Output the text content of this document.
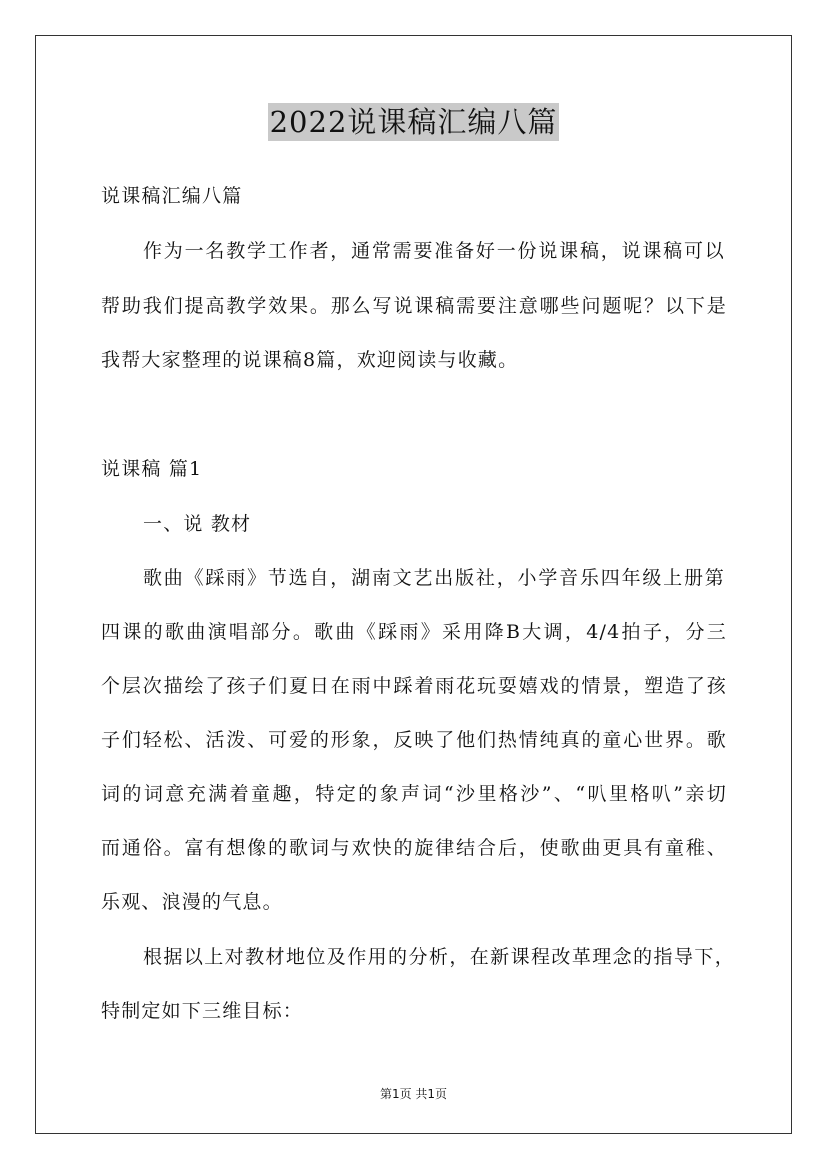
2022说课稿汇编八篇
说课稿汇编八篇
作为一名教学工作者，通常需要准备好一份说课稿，说课稿可以
帮助我们提高教学效果。那么写说课稿需要注意哪些问题呢？以下是
我帮大家整理的说课稿8篇，欢迎阅读与收藏。
说课稿 篇1
一、说 教材
歌曲《踩雨》节选自，湖南文艺出版社，小学音乐四年级上册第
四课的歌曲演唱部分。歌曲《踩雨》采用降B大调，4/4拍子，分三
个层次描绘了孩子们夏日在雨中踩着雨花玩耍嬉戏的情景，塑造了孩
子们轻松、活泼、可爱的形象，反映了他们热情纯真的童心世界。歌
词的词意充满着童趣，特定的象声词“沙里格沙”、“叭里格叭”亲切
而通俗。富有想像的歌词与欢快的旋律结合后，使歌曲更具有童稚、
乐观、浪漫的气息。
根据以上对教材地位及作用的分析，在新课程改革理念的指导下，
特制定如下三维目标：
第1页 共1页
